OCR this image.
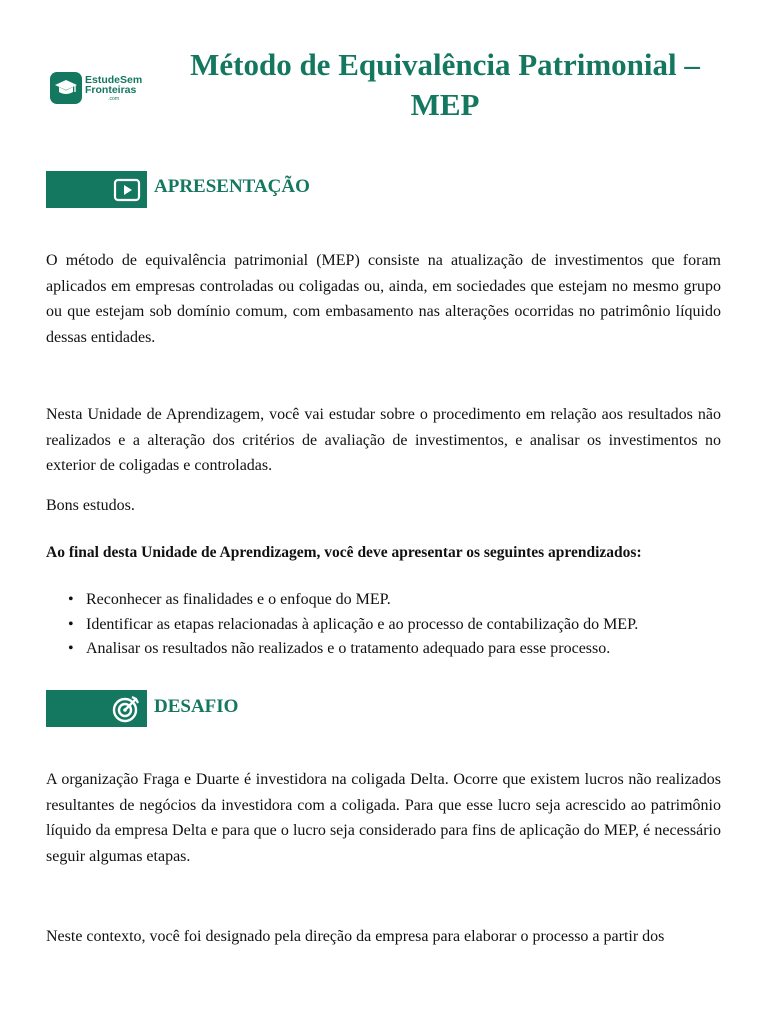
EstudeSem
Fronteiras
.com
Método de Equivalência Patrimonial –
MEP
APRESENTAÇÃO

O método de equivalência patrimonial (MEP) consiste na atualização de investimentos que foram aplicados em empresas controladas ou coligadas ou, ainda, em sociedades que estejam no mesmo grupo ou que estejam sob domínio comum, com embasamento nas alterações ocorridas no patrimônio líquido dessas entidades.

Nesta Unidade de Aprendizagem, você vai estudar sobre o procedimento em relação aos resultados não realizados e a alteração dos critérios de avaliação de investimentos, e analisar os investimentos no exterior de coligadas e controladas.

Bons estudos.

Ao final desta Unidade de Aprendizagem, você deve apresentar os seguintes aprendizados:

• Reconhecer as finalidades e o enfoque do MEP.
• Identificar as etapas relacionadas à aplicação e ao processo de contabilização do MEP.
• Analisar os resultados não realizados e o tratamento adequado para esse processo.
DESAFIO

A organização Fraga e Duarte é investidora na coligada Delta. Ocorre que existem lucros não realizados resultantes de negócios da investidora com a coligada. Para que esse lucro seja acrescido ao patrimônio líquido da empresa Delta e para que o lucro seja considerado para fins de aplicação do MEP, é necessário seguir algumas etapas.

Neste contexto, você foi designado pela direção da empresa para elaborar o processo a partir dos
